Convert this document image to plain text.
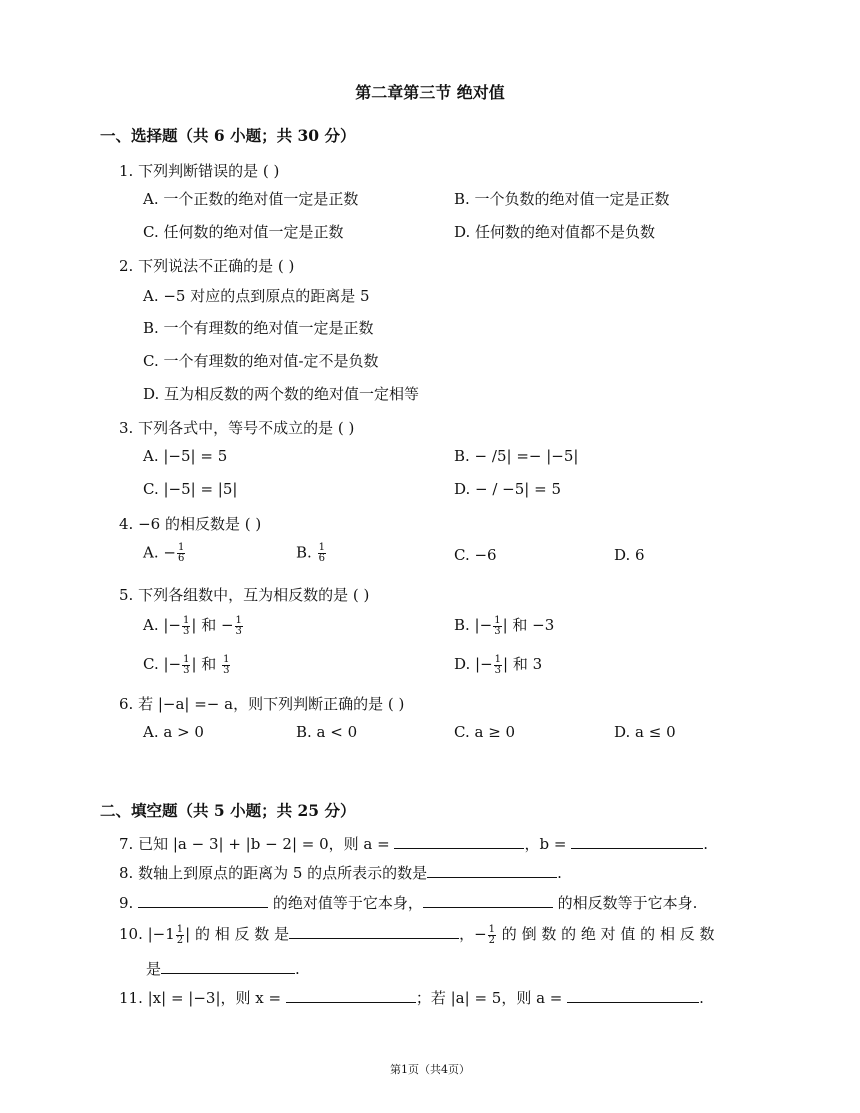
第二章第三节 绝对值
一、选择题（共 6 小题；共 30 分）
1. 下列判断错误的是 ( )
A. 一个正数的绝对值一定是正数	B. 一个负数的绝对值一定是正数
C. 任何数的绝对值一定是正数	D. 任何数的绝对值都不是负数
2. 下列说法不正确的是 ( )
A. −5 对应的点到原点的距离是 5
B. 一个有理数的绝对值一定是正数
C. 一个有理数的绝对值-定不是负数
D. 互为相反数的两个数的绝对值一定相等
3. 下列各式中，等号不成立的是 ( )
A. |−5| = 5	B. − /5| =− |−5|
C. |−5| = |5|	D. − / −5| = 5
4. −6 的相反数是 ( )
A. − $\frac{1}{6}$	B. $\frac{1}{6}$	C. −6	D. 6
5. 下列各组数中，互为相反数的是 ( )
A. |− $\frac{1}{3}$ | 和 − $\frac{1}{3}$	B. |− $\frac{1}{3}$ | 和 −3
C. |− $\frac{1}{3}$ | 和 $\frac{1}{3}$	D. |− $\frac{1}{3}$ | 和 3
6. 若 |−a| =− a，则下列判断正确的是 ( )
A. a > 0	B. a < 0	C. a ≥ 0	D. a ≤ 0
二、填空题（共 5 小题；共 25 分）
7. 已知 |a − 3| + |b − 2| = 0，则 a =	，b =	.
8. 数轴上到原点的距离为 5 的点所表示的数是	.
9.	的绝对值等于它本身，	的相反数等于它本身.
10. $|-1 \frac{1}{2}$ | 的 相 反 数 是	，− $\frac{1}{2}$ 的 倒 数 的 绝 对 值 的 相 反 数
是	.
11. |x| = |−3|，则 x =	；若 |a| = 5，则 a =	.
第1页（共4页）
